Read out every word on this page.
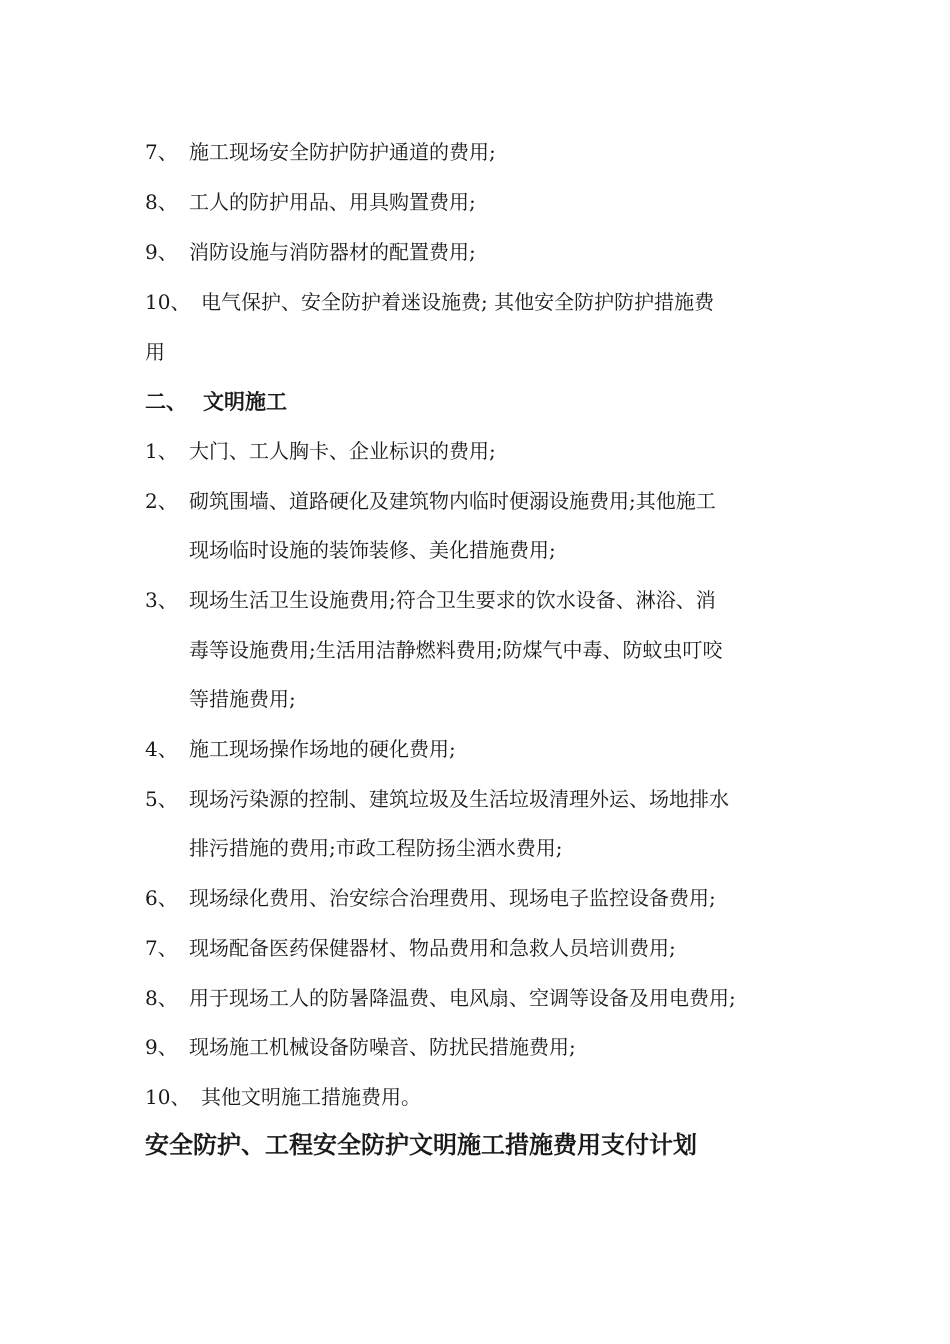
7、 施工现场安全防护防护通道的费用;
8、 工人的防护用品、用具购置费用;
9、 消防设施与消防器材的配置费用;
10、 电气保护、安全防护着迷设施费; 其他安全防护防护措施费
用
二、 文明施工
1、 大门、工人胸卡、企业标识的费用;
2、 砌筑围墙、道路硬化及建筑物内临时便溺设施费用;其他施工
现场临时设施的装饰装修、美化措施费用;
3、 现场生活卫生设施费用;符合卫生要求的饮水设备、淋浴、消
毒等设施费用;生活用洁静燃料费用;防煤气中毒、防蚊虫叮咬
等措施费用;
4、 施工现场操作场地的硬化费用;
5、 现场污染源的控制、建筑垃圾及生活垃圾清理外运、场地排水
排污措施的费用;市政工程防扬尘洒水费用;
6、 现场绿化费用、治安综合治理费用、现场电子监控设备费用;
7、 现场配备医药保健器材、物品费用和急救人员培训费用;
8、 用于现场工人的防暑降温费、电风扇、空调等设备及用电费用;
9、 现场施工机械设备防噪音、防扰民措施费用;
10、 其他文明施工措施费用。
安全防护、工程安全防护文明施工措施费用支付计划
